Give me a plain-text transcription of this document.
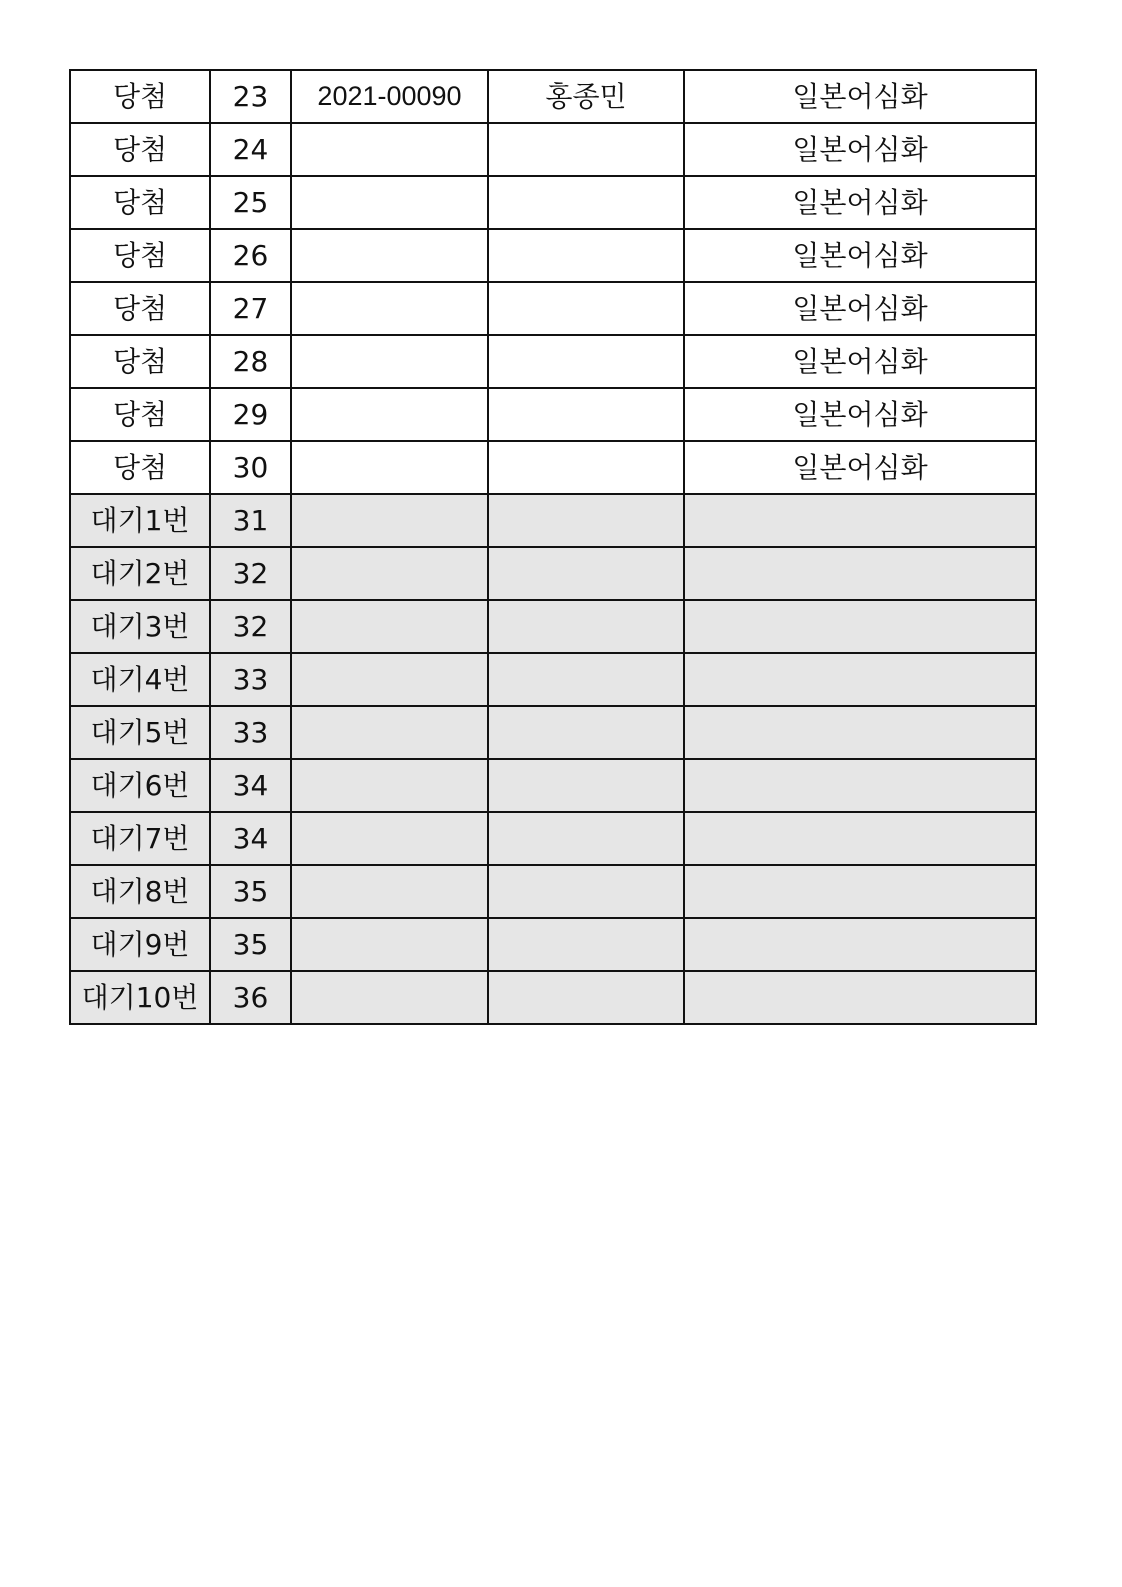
당첨	23	2021-00090	홍종민	일본어심화
당첨	24			일본어심화
당첨	25			일본어심화
당첨	26			일본어심화
당첨	27			일본어심화
당첨	28			일본어심화
당첨	29			일본어심화
당첨	30			일본어심화
대기1번	31			
대기2번	32			
대기3번	32			
대기4번	33			
대기5번	33			
대기6번	34			
대기7번	34			
대기8번	35			
대기9번	35			
대기10번	36			
